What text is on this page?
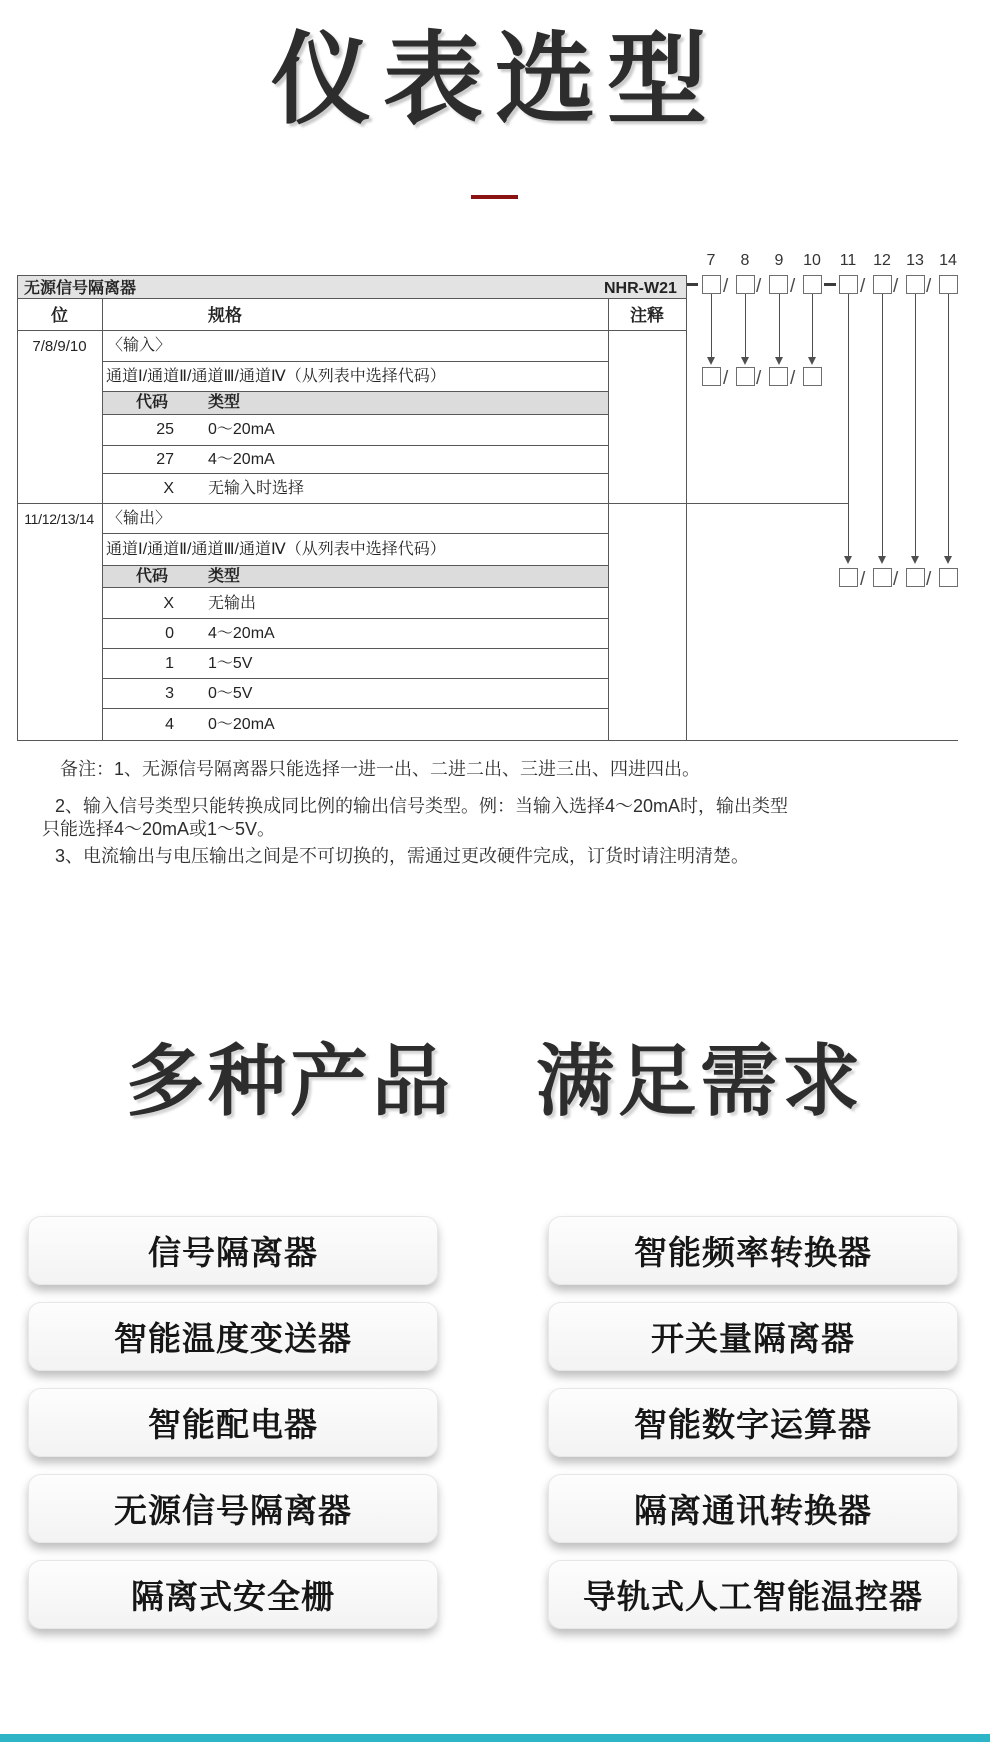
仪表选型
无源信号隔离器	NHR-W21
位	规格	注释
7/8/9/10	〈输入〉
通道Ⅰ/通道Ⅱ/通道Ⅲ/通道Ⅳ（从列表中选择代码）
代码 类型
25 0～20mA
27 4～20mA
X 无输入时选择
11/12/13/14 〈输出〉
通道Ⅰ/通道Ⅱ/通道Ⅲ/通道Ⅳ（从列表中选择代码）
代码 类型
X 无输出
0 4～20mA
1 1～5V
3 0～5V
4 0～20mA
7	8	9	10 11 12 13 14
/ / /	/ / /
/ / /
/ / /
备注：1、无源信号隔离器只能选择一进一出、二进二出、三进三出、四进四出。
2、输入信号类型只能转换成同比例的输出信号类型。例：当输入选择4～20mA时，输出类型只能选择4～20mA或1～5V。
3、电流输出与电压输出之间是不可切换的，需通过更改硬件完成，订货时请注明清楚。
多种产品　满足需求
信号隔离器
智能温度变送器
智能配电器
无源信号隔离器
隔离式安全栅
智能频率转换器
开关量隔离器
智能数字运算器
隔离通讯转换器
导轨式人工智能温控器
